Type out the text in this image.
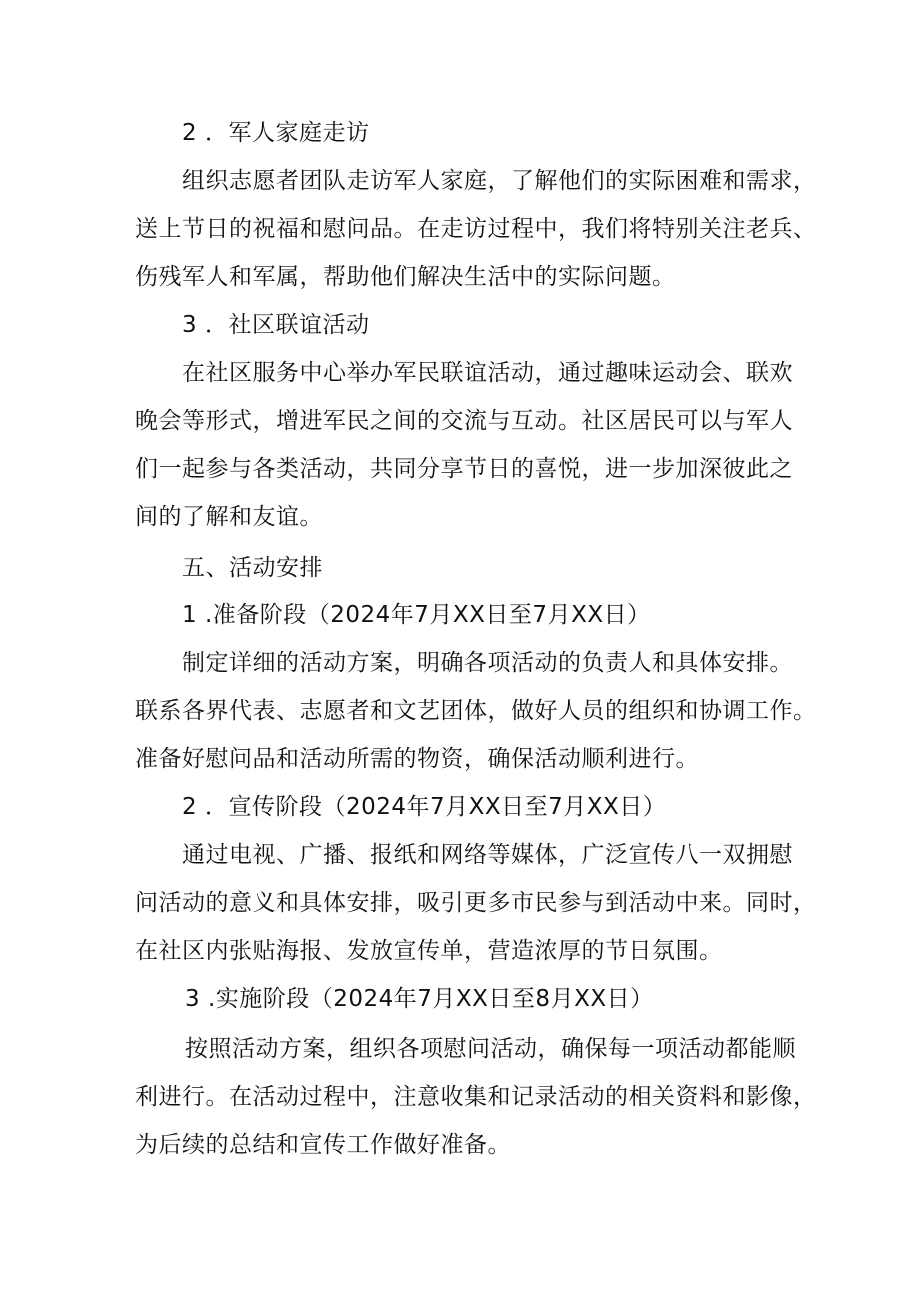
2 ．军人家庭走访
组织志愿者团队走访军人家庭，了解他们的实际困难和需求，
送上节日的祝福和慰问品。在走访过程中，我们将特别关注老兵、
伤残军人和军属，帮助他们解决生活中的实际问题。
3 ．社区联谊活动
在社区服务中心举办军民联谊活动，通过趣味运动会、联欢
晚会等形式，增进军民之间的交流与互动。社区居民可以与军人
们一起参与各类活动，共同分享节日的喜悦，进一步加深彼此之
间的了解和友谊。
五、活动安排
1 .准备阶段（2024年7月XX日至7月XX日）
制定详细的活动方案，明确各项活动的负责人和具体安排。
联系各界代表、志愿者和文艺团体，做好人员的组织和协调工作。
准备好慰问品和活动所需的物资，确保活动顺利进行。
2 ．宣传阶段（2024年7月XX日至7月XX日）
通过电视、广播、报纸和网络等媒体，广泛宣传八一双拥慰
问活动的意义和具体安排，吸引更多市民参与到活动中来。同时，
在社区内张贴海报、发放宣传单，营造浓厚的节日氛围。
3 .实施阶段（2024年7月XX日至8月XX日）
按照活动方案，组织各项慰问活动，确保每一项活动都能顺
利进行。在活动过程中，注意收集和记录活动的相关资料和影像，
为后续的总结和宣传工作做好准备。
